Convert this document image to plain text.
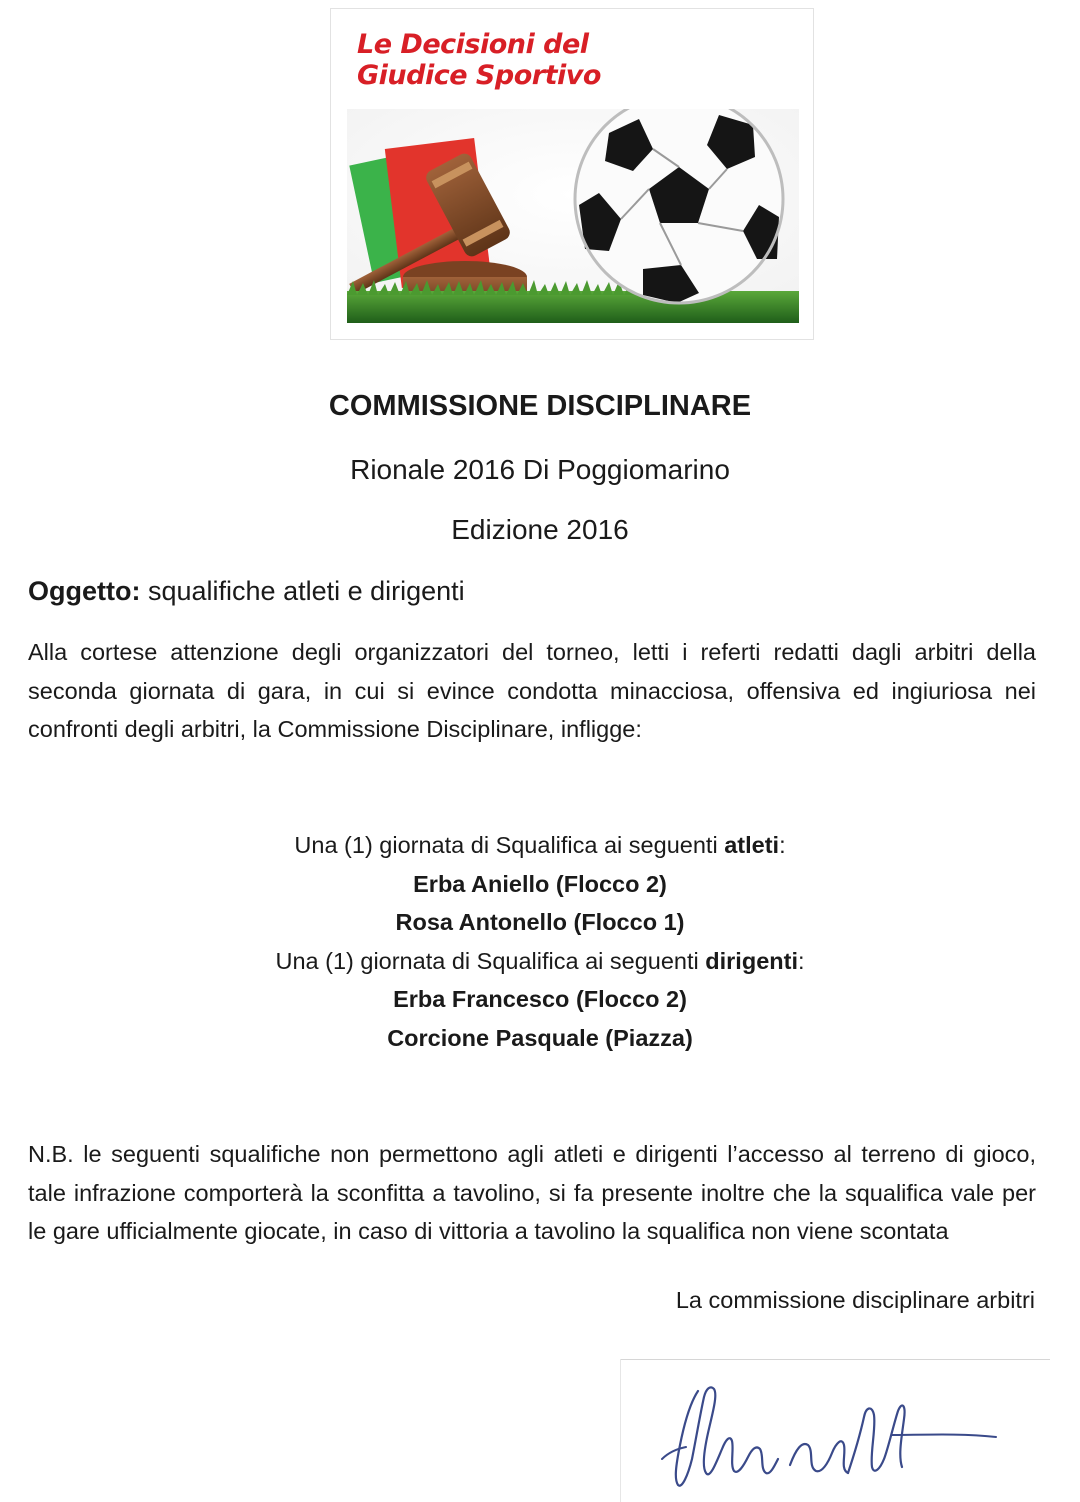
Le Decisioni del
Giudice Sportivo

COMMISSIONE DISCIPLINARE

Rionale 2016 Di Poggiomarino

Edizione 2016

Oggetto: squalifiche atleti e dirigenti

Alla cortese attenzione degli organizzatori del torneo, letti i referti redatti dagli arbitri della seconda giornata di gara, in cui si evince condotta minacciosa, offensiva ed ingiuriosa nei confronti degli arbitri, la Commissione Disciplinare, infligge:

Una (1) giornata di Squalifica ai seguenti atleti:
Erba Aniello (Flocco 2)
Rosa Antonello (Flocco 1)
Una (1) giornata di Squalifica ai seguenti dirigenti:
Erba Francesco (Flocco 2)
Corcione Pasquale (Piazza)

N.B. le seguenti squalifiche non permettono agli atleti e dirigenti l’accesso al terreno di gioco, tale infrazione comporterà la sconfitta a tavolino, si fa presente inoltre che la squalifica vale per le gare ufficialmente giocate, in caso di vittoria a tavolino la squalifica non viene scontata

La commissione disciplinare arbitri
